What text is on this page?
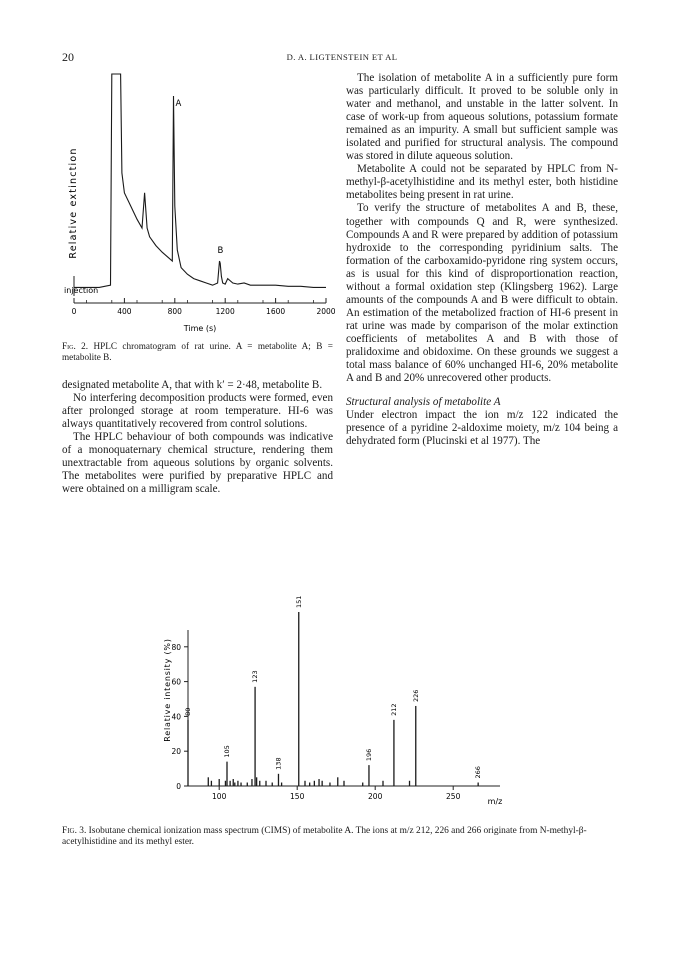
20	D. A. LIGTENSTEIN ET AL
Relative extinction
injection
0	400	800	1200	1600	2000
Time (s)
A
B
Fig. 2. HPLC chromatogram of rat urine. A = metabolite A; B = metabolite B.

The isolation of metabolite A in a sufficiently pure form was particularly difficult. It proved to be soluble only in water and methanol, and unstable in the latter solvent. In case of work-up from aqueous solutions, potassium formate remained as an impurity. A small but sufficient sample was isolated and purified for structural analysis. The compound was stored in dilute aqueous solution.

Metabolite A could not be separated by HPLC from N-methyl-β-acetylhistidine and its methyl ester, both histidine metabolites being present in rat urine.

To verify the structure of metabolites A and B, these, together with compounds Q and R, were synthesized. Compounds A and R were prepared by addition of potassium hydroxide to the corresponding pyridinium salts. The formation of the carboxamido-pyridone ring system occurs, as is usual for this kind of disproportionation reaction, without a formal oxidation step (Klingsberg 1962). Large amounts of the compounds A and B were difficult to obtain. An estimation of the metabolized fraction of HI-6 present in rat urine was made by comparison of the molar extinction coefficients of metabolites A and B with those of pralidoxime and obidoxime. On these grounds we suggest a total mass balance of 60% unchanged HI-6, 20% metabolite A and B and 20% unrecovered other products.

Structural analysis of metabolite A

Under electron impact the ion m/z 122 indicated the presence of a pyridine 2-aldoxime moiety, m/z 104 being a dehydrated form (Plucinski et al 1977). The

designated metabolite A, that with k′ = 2·48, metabolite B.

No interfering decomposition products were formed, even after prolonged storage at room temperature. HI-6 was always quantitatively recovered from control solutions.

The HPLC behaviour of both compounds was indicative of a monoquaternary chemical structure, rendering them unextractable from aqueous solutions by organic solvents. The metabolites were purified by preparative HPLC and were obtained on a milligram scale.

Relative intensity (%)
0
20
40
60
80
100	150	200	250
80
105
123
138
151
196
212
226
266
m/z
Fig. 3. Isobutane chemical ionization mass spectrum (CIMS) of metabolite A. The ions at m/z 212, 226 and 266 originate from N-methyl-β-acetylhistidine and its methyl ester.
